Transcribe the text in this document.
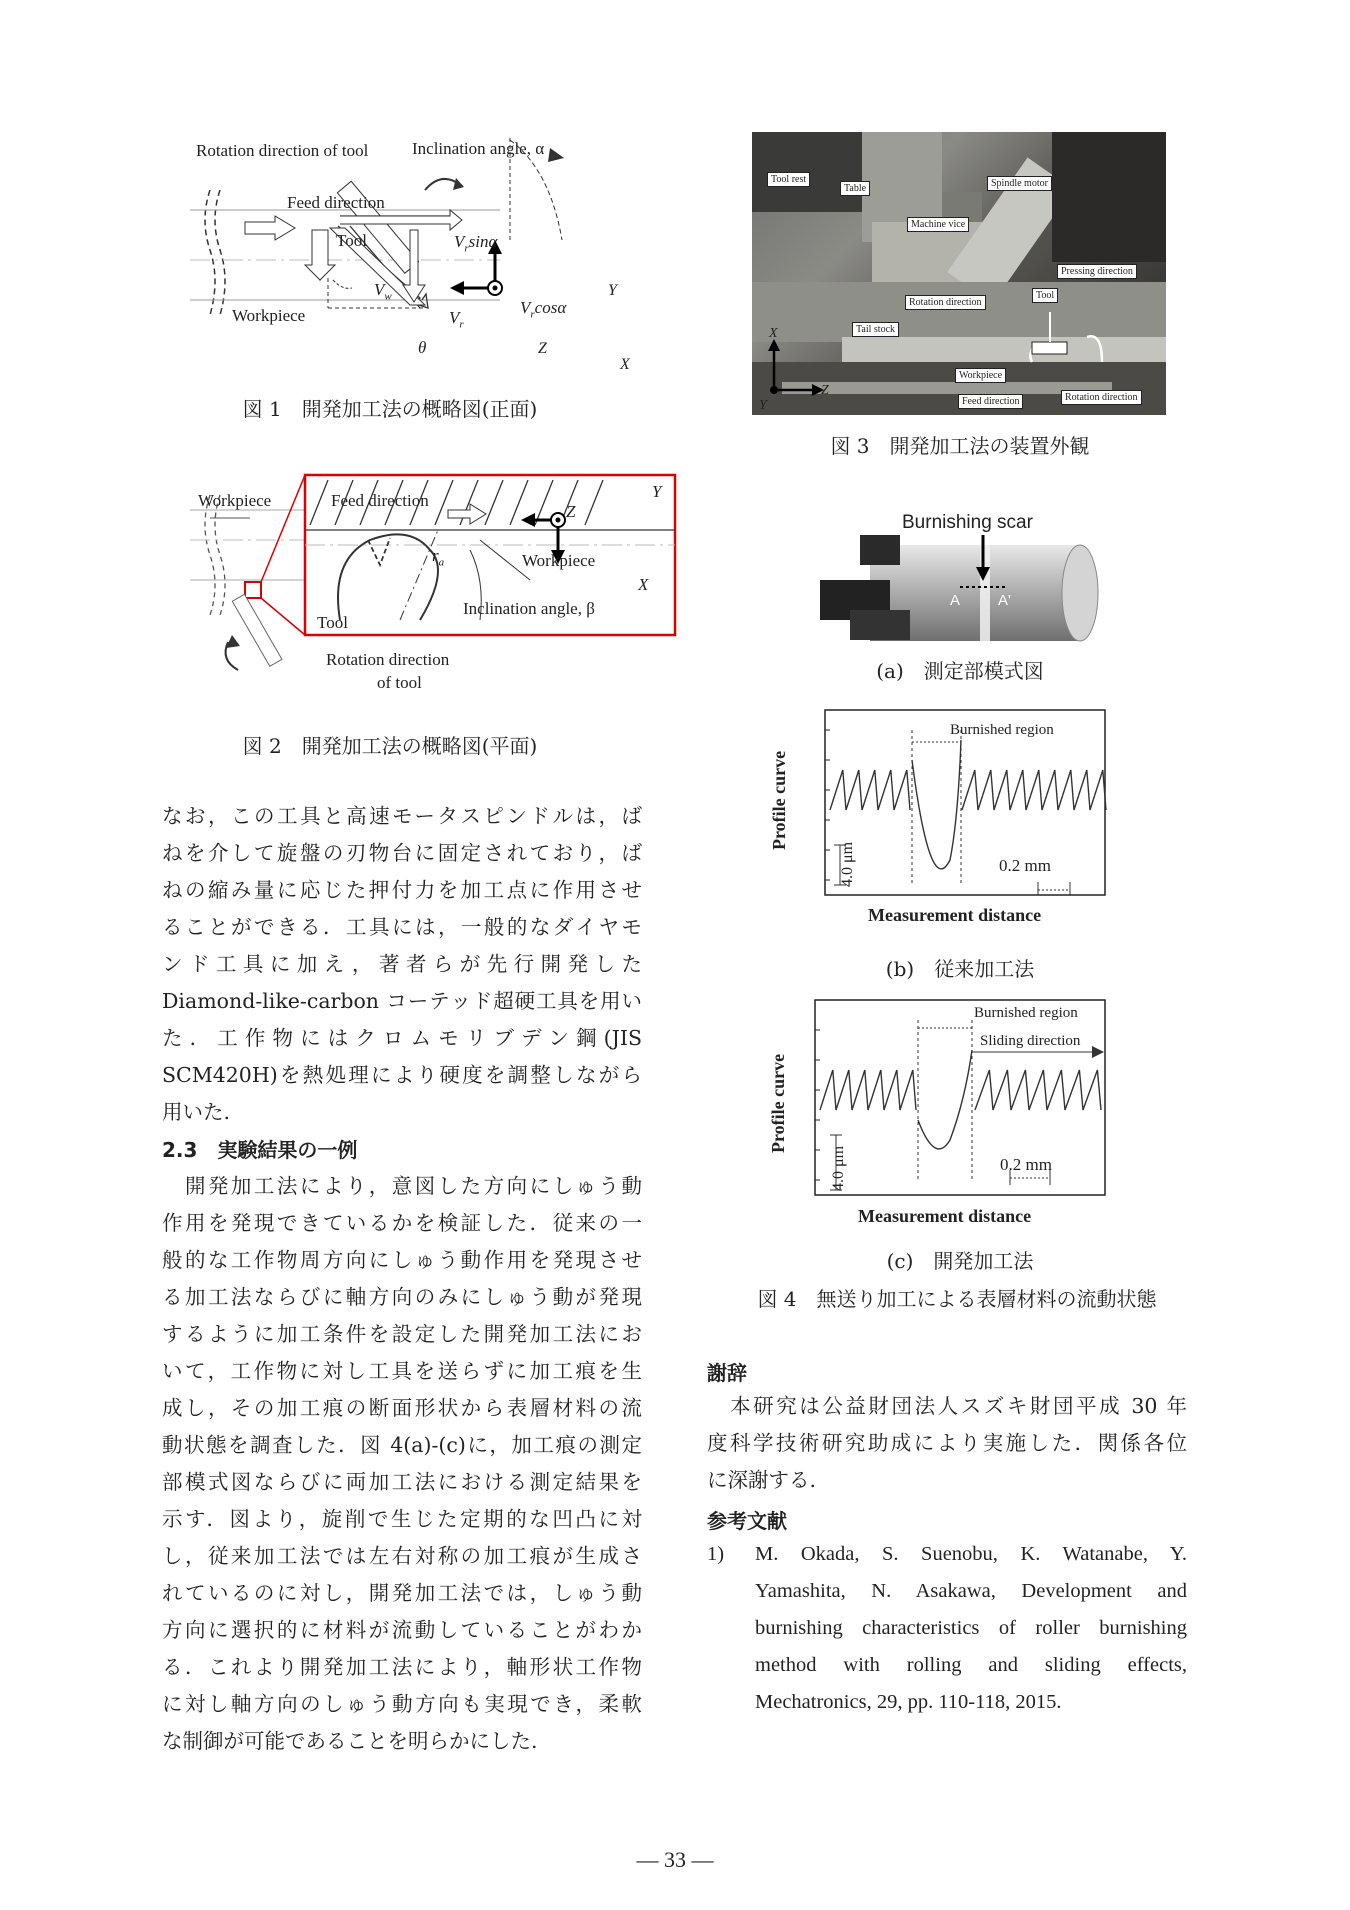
Rotation direction of tool	Inclination angle, α
Feed direction
Tool
Workpiece
$V_r\sin\alpha$
$V_w$
$V_r$
$V_r\cos\alpha$
θ
Y
Z
X
図 1　開発加工法の概略図(正面)
Workpiece	Feed direction
Z
Y
X
$r_a$	Workpiece
Tool
Inclination angle, β
Rotation direction
of tool
図 2　開発加工法の概略図(平面)
Tool rest
Table	Spindle motor
Machine vice
Pressing direction
Tool
Rotation direction
Tail stock
Workpiece
Feed direction	Rotation direction
X
Y
Z
図 3　開発加工法の装置外観
Burnishing scar
A	A'
(a)　測定部模式図
Burnished region
Profile curve
4.0 μm	0.2 mm
Measurement distance
(b)　従来加工法
Burnished region
Sliding direction
Profile curve
4.0 μm	0.2 mm
Measurement distance
(c)　開発加工法
図 4　無送り加工による表層材料の流動状態
なお，この工具と高速モータスピンドルは，ば
ねを介して旋盤の刃物台に固定されており，ば
ねの縮み量に応じた押付力を加工点に作用させ
ることができる．工具には，一般的なダイヤモ
ンド工具に加え，著者らが先行開発した
Diamond-like-carbon コーテッド超硬工具を用い
た．工作物にはクロムモリブデン鋼(JIS
SCM420H)を熱処理により硬度を調整しながら
用いた.
2.3　実験結果の一例
　開発加工法により，意図した方向にしゅう動
作用を発現できているかを検証した．従来の一
般的な工作物周方向にしゅう動作用を発現させ
る加工法ならびに軸方向のみにしゅう動が発現
するように加工条件を設定した開発加工法にお
いて，工作物に対し工具を送らずに加工痕を生
成し，その加工痕の断面形状から表層材料の流
動状態を調査した．図 4(a)-(c)に，加工痕の測定
部模式図ならびに両加工法における測定結果を
示す．図より，旋削で生じた定期的な凹凸に対
し，従来加工法では左右対称の加工痕が生成さ
れているのに対し，開発加工法では，しゅう動
方向に選択的に材料が流動していることがわか
る．これより開発加工法により，軸形状工作物
に対し軸方向のしゅう動方向も実現でき，柔軟
な制御が可能であることを明らかにした.
謝辞
　本研究は公益財団法人スズキ財団平成 30 年
度科学技術研究助成により実施した．関係各位
に深謝する.
参考文献
1) M. Okada, S. Suenobu, K. Watanabe, Y.
Yamashita, N. Asakawa, Development and
burnishing characteristics of roller burnishing
method with rolling and sliding effects,
Mechatronics, 29, pp. 110-118, 2015.
— 33 —
